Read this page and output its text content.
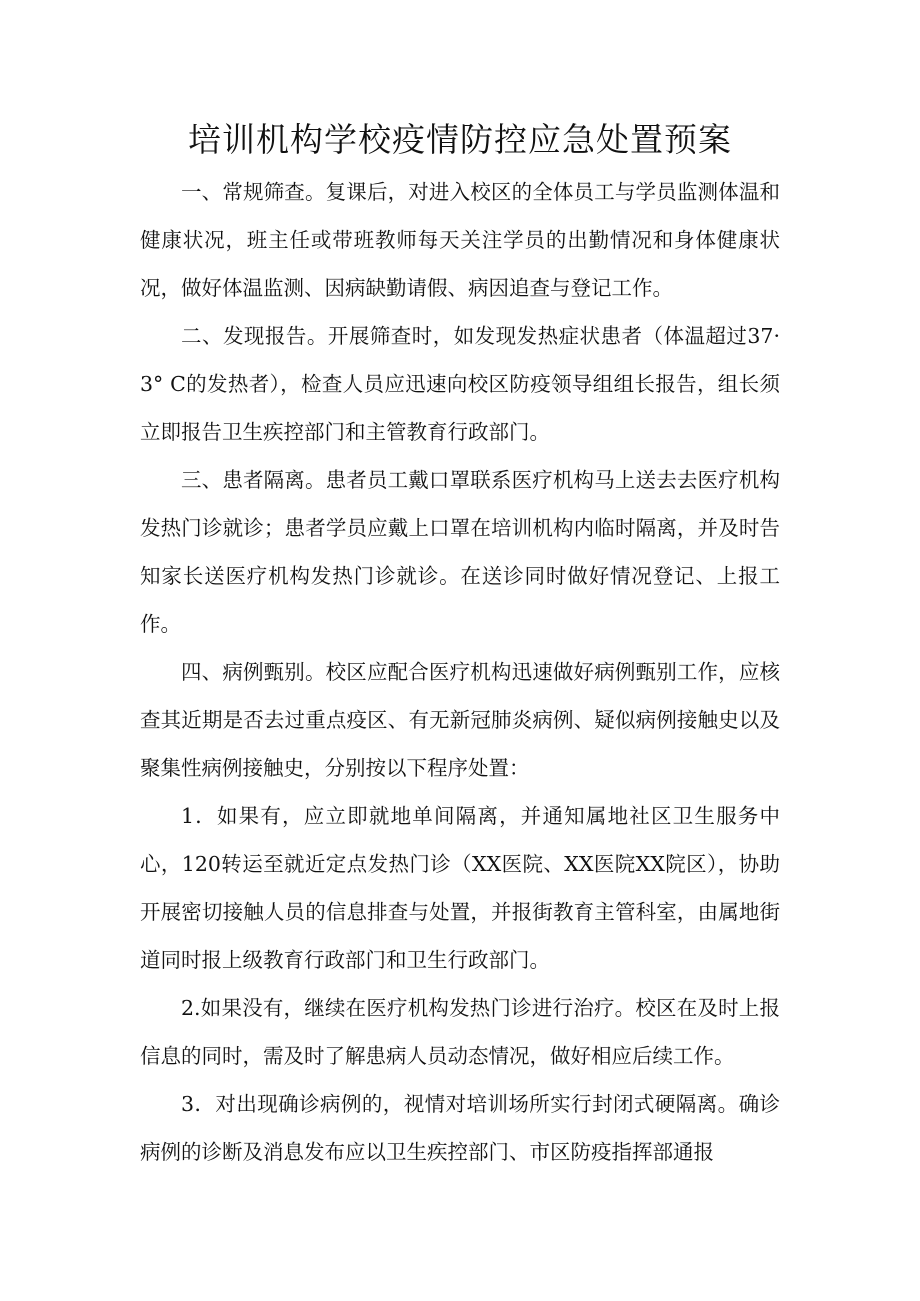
培训机构学校疫情防控应急处置预案

一、常规筛查。复课后，对进入校区的全体员工与学员监测体温和健康状况，班主任或带班教师每天关注学员的出勤情况和身体健康状况，做好体温监测、因病缺勤请假、病因追查与登记工作。

二、发现报告。开展筛查时，如发现发热症状患者（体温超过37·3° C的发热者），检查人员应迅速向校区防疫领导组组长报告，组长须立即报告卫生疾控部门和主管教育行政部门。

三、患者隔离。患者员工戴口罩联系医疗机构马上送去去医疗机构发热门诊就诊；患者学员应戴上口罩在培训机构内临时隔离，并及时告知家长送医疗机构发热门诊就诊。在送诊同时做好情况登记、上报工作。

四、病例甄别。校区应配合医疗机构迅速做好病例甄别工作，应核查其近期是否去过重点疫区、有无新冠肺炎病例、疑似病例接触史以及聚集性病例接触史，分别按以下程序处置：

1．如果有，应立即就地单间隔离，并通知属地社区卫生服务中心，120转运至就近定点发热门诊（XX医院、XX医院XX院区），协助开展密切接触人员的信息排查与处置，并报街教育主管科室，由属地街道同时报上级教育行政部门和卫生行政部门。

2.如果没有，继续在医疗机构发热门诊进行治疗。校区在及时上报信息的同时，需及时了解患病人员动态情况，做好相应后续工作。

3．对出现确诊病例的，视情对培训场所实行封闭式硬隔离。确诊病例的诊断及消息发布应以卫生疾控部门、市区防疫指挥部通报
